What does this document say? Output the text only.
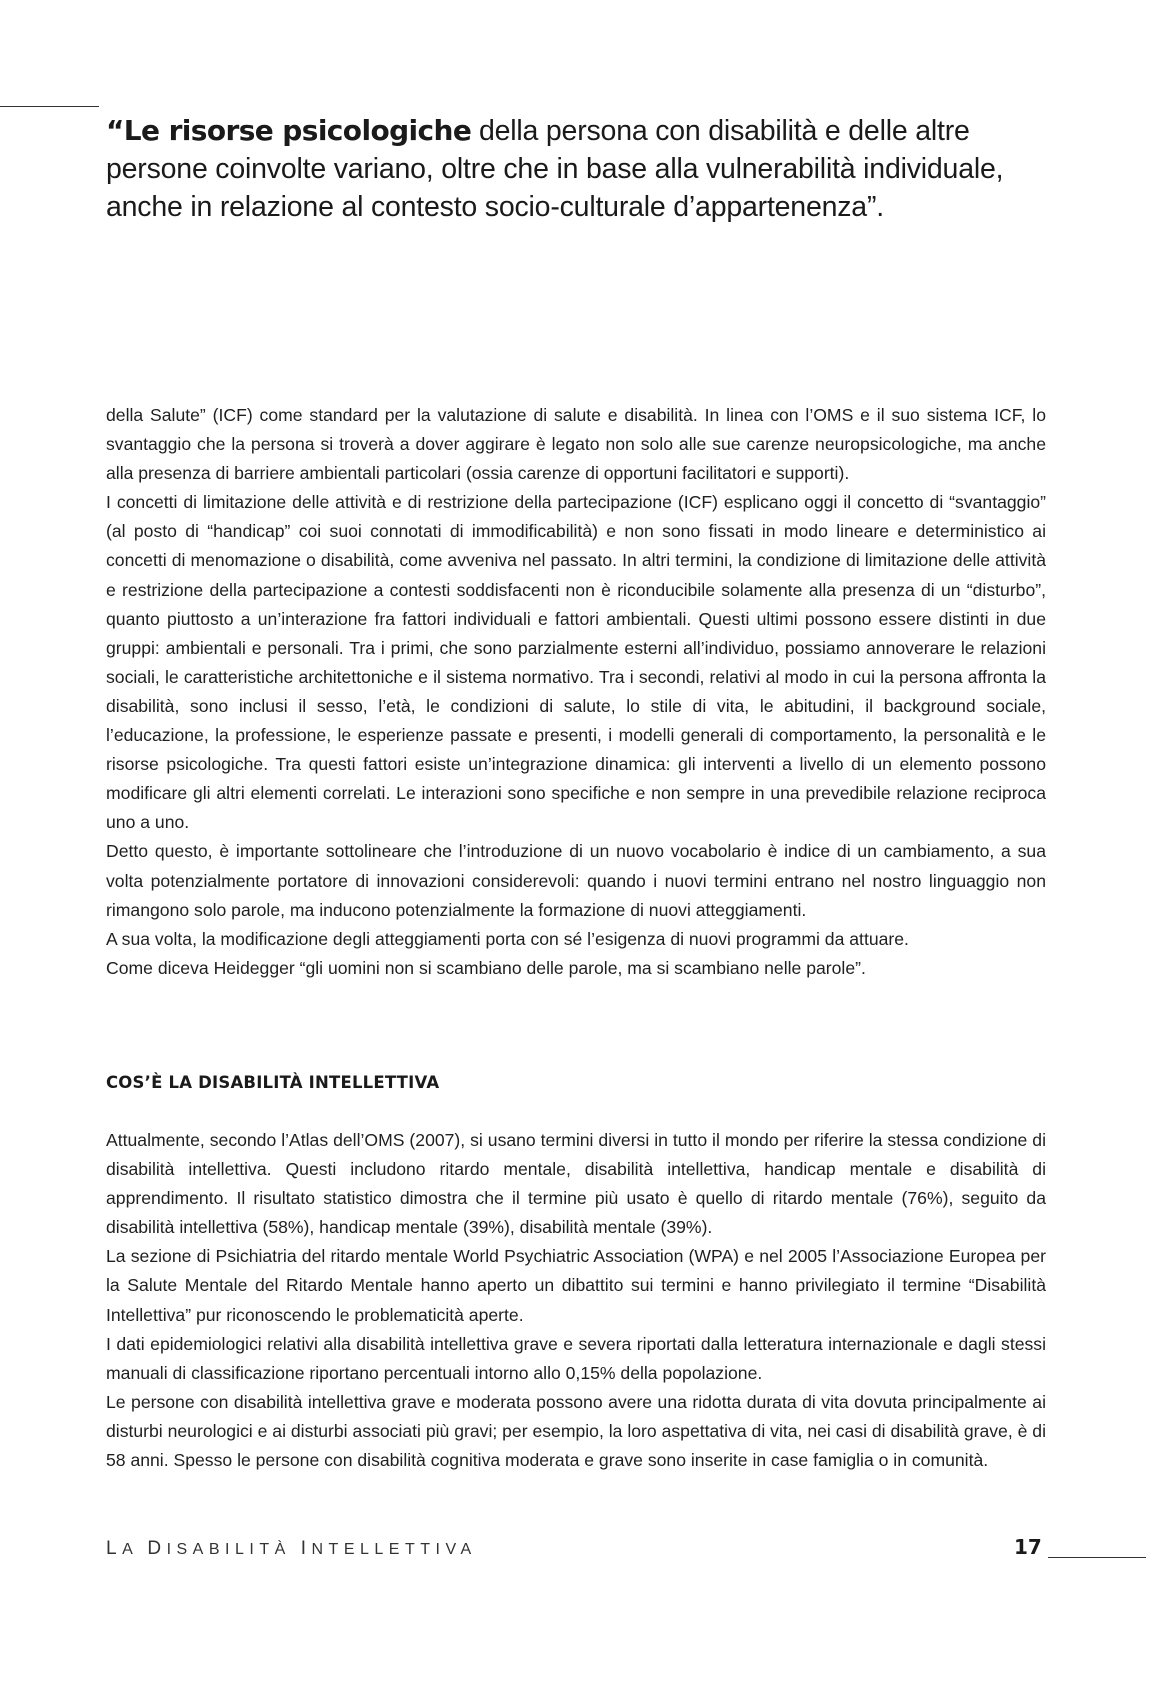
“Le risorse psicologiche della persona con disabilità e delle altre persone coinvolte variano, oltre che in base alla vulnerabilità individuale, anche in relazione al contesto socio-culturale d’appartenenza”.

della Salute” (ICF) come standard per la valutazione di salute e disabilità. In linea con l’OMS e il suo sistema ICF, lo svantaggio che la persona si troverà a dover aggirare è legato non solo alle sue carenze neuropsicologiche, ma anche alla presenza di barriere ambientali particolari (ossia carenze di opportuni facilitatori e supporti).

I concetti di limitazione delle attività e di restrizione della partecipazione (ICF) esplicano oggi il concetto di “svantaggio” (al posto di “handicap” coi suoi connotati di immodificabilità) e non sono fissati in modo lineare e deterministico ai concetti di menomazione o disabilità, come avveniva nel passato. In altri termini, la condizione di limitazione delle attività e restrizione della partecipazione a contesti soddisfacenti non è riconducibile solamente alla presenza di un “disturbo”, quanto piuttosto a un’interazione fra fattori individuali e fattori ambientali. Questi ultimi possono essere distinti in due gruppi: ambientali e personali. Tra i primi, che sono parzialmente esterni all’individuo, possiamo annoverare le relazioni sociali, le caratteristiche architettoniche e il sistema normativo. Tra i secondi, relativi al modo in cui la persona affronta la disabilità, sono inclusi il sesso, l’età, le condizioni di salute, lo stile di vita, le abitudini, il background sociale, l’educazione, la professione, le esperienze passate e presenti, i modelli generali di comportamento, la personalità e le risorse psicologiche. Tra questi fattori esiste un’integrazione dinamica: gli interventi a livello di un elemento possono modificare gli altri elementi correlati. Le interazioni sono specifiche e non sempre in una prevedibile relazione reciproca uno a uno.

Detto questo, è importante sottolineare che l’introduzione di un nuovo vocabolario è indice di un cambiamento, a sua volta potenzialmente portatore di innovazioni considerevoli: quando i nuovi termini entrano nel nostro linguaggio non rimangono solo parole, ma inducono potenzialmente la formazione di nuovi atteggiamenti.

A sua volta, la modificazione degli atteggiamenti porta con sé l’esigenza di nuovi programmi da attuare.

Come diceva Heidegger “gli uomini non si scambiano delle parole, ma si scambiano nelle parole”.

COS’È LA DISABILITÀ INTELLETTIVA

Attualmente, secondo l’Atlas dell’OMS (2007), si usano termini diversi in tutto il mondo per riferire la stessa condizione di disabilità intellettiva. Questi includono ritardo mentale, disabilità intellettiva, handicap mentale e disabilità di apprendimento. Il risultato statistico dimostra che il termine più usato è quello di ritardo mentale (76%), seguito da disabilità intellettiva (58%), handicap mentale (39%), disabilità mentale (39%).

La sezione di Psichiatria del ritardo mentale World Psychiatric Association (WPA) e nel 2005 l’Associazione Europea per la Salute Mentale del Ritardo Mentale hanno aperto un dibattito sui termini e hanno privilegiato il termine “Disabilità Intellettiva” pur riconoscendo le problematicità aperte.

I dati epidemiologici relativi alla disabilità intellettiva grave e severa riportati dalla letteratura internazionale e dagli stessi manuali di classificazione riportano percentuali intorno allo 0,15% della popolazione.

Le persone con disabilità intellettiva grave e moderata possono avere una ridotta durata di vita dovuta principalmente ai disturbi neurologici e ai disturbi associati più gravi; per esempio, la loro aspettativa di vita, nei casi di disabilità grave, è di 58 anni. Spesso le persone con disabilità cognitiva moderata e grave sono inserite in case famiglia o in comunità.

LA DISABILITÀ INTELLETTIVA	17
